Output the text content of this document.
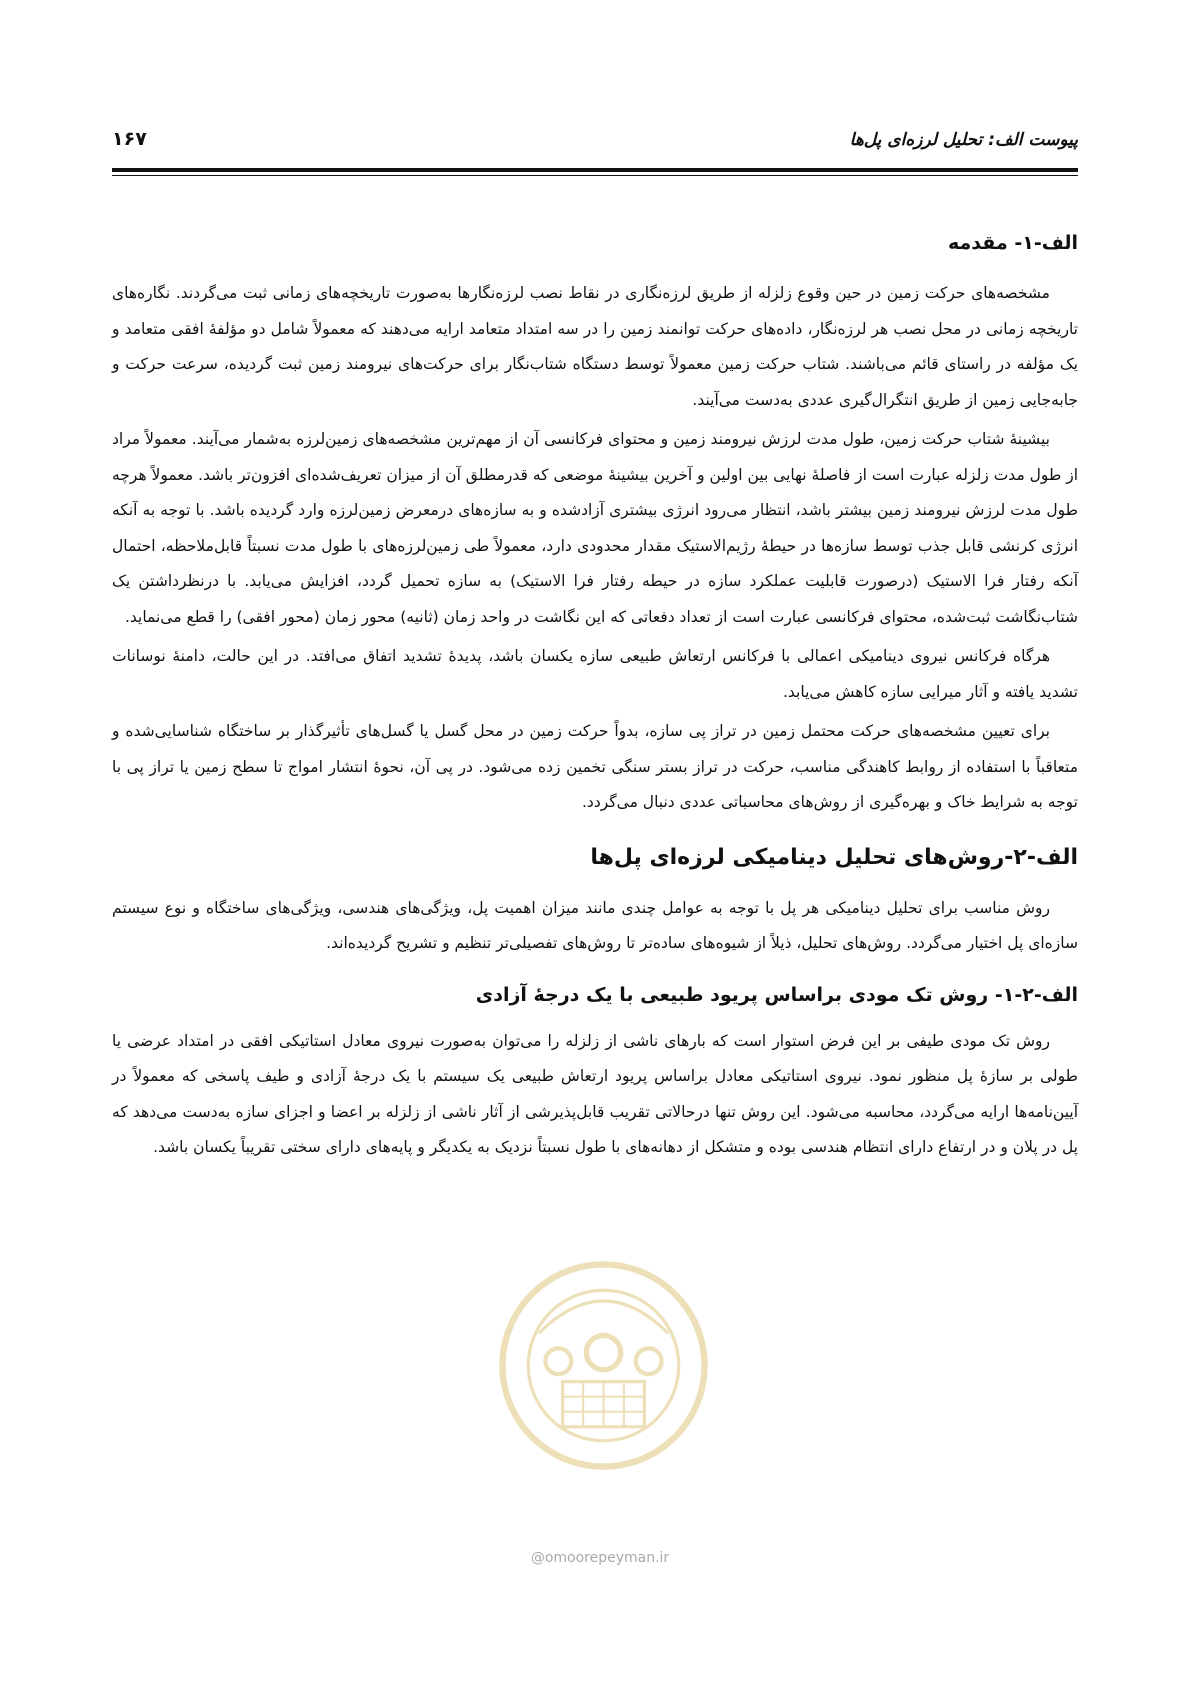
پیوست الف: تحلیل لرزه‌ای پل‌ها
۱۶۷
الف-۱- مقدمه

مشخصه‌های حرکت زمین در حین وقوع زلزله از طریق لرزه‌نگاری در نقاط نصب لرزه‌نگارها به‌صورت تاریخچه‌های زمانی ثبت می‌گردند. نگاره‌های تاریخچه زمانی در محل نصب هر لرزه‌نگار، داده‌های حرکت توانمند زمین را در سه امتداد متعامد ارایه می‌دهند که معمولاً شامل دو مؤلفهٔ افقی متعامد و یک مؤلفه در راستای قائم می‌باشند. شتاب حرکت زمین معمولاً توسط دستگاه شتاب‌نگار برای حرکت‌های نیرومند زمین ثبت گردیده، سرعت حرکت و جابه‌جایی زمین از طریق انتگرال‌گیری عددی به‌دست می‌آیند.

بیشینهٔ شتاب حرکت زمین، طول مدت لرزش نیرومند زمین و محتوای فرکانسی آن از مهم‌ترین مشخصه‌های زمین‌لرزه به‌شمار می‌آیند. معمولاً مراد از طول مدت زلزله عبارت است از فاصلهٔ نهایی بین اولین و آخرین بیشینهٔ موضعی که قدرمطلق آن از میزان تعریف‌شده‌ای افزون‌تر باشد. معمولاً هرچه طول مدت لرزش نیرومند زمین بیشتر باشد، انتظار می‌رود انرژی بیشتری آزادشده و به سازه‌های درمعرض زمین‌لرزه وارد گردیده باشد. با توجه به آنکه انرژی کرنشی قابل جذب توسط سازه‌ها در حیطهٔ رژیم‌الاستیک مقدار محدودی دارد، معمولاً طی زمین‌لرزه‌های با طول مدت نسبتاً قابل‌ملاحظه، احتمال آنکه رفتار فرا الاستیک (درصورت قابلیت عملکرد سازه در حیطه رفتار فرا الاستیک) به سازه تحمیل گردد، افزایش می‌یابد. با درنظرداشتن یک شتاب‌نگاشت ثبت‌شده، محتوای فرکانسی عبارت است از تعداد دفعاتی که این نگاشت در واحد زمان (ثانیه) محور زمان (محور افقی) را قطع می‌نماید.

هرگاه فرکانس نیروی دینامیکی اعمالی با فرکانس ارتعاش طبیعی سازه یکسان باشد، پدیدهٔ تشدید اتفاق می‌افتد. در این حالت، دامنهٔ نوسانات تشدید یافته و آثار میرایی سازه کاهش می‌یابد.

برای تعیین مشخصه‌های حرکت محتمل زمین در تراز پی سازه، بدواً حرکت زمین در محل گسل یا گسل‌های تأثیرگذار بر ساختگاه شناسایی‌شده و متعاقباً با استفاده از روابط کاهندگی مناسب، حرکت در تراز بستر سنگی تخمین زده می‌شود. در پی آن، نحوهٔ انتشار امواج تا سطح زمین یا تراز پی با توجه به شرایط خاک و بهره‌گیری از روش‌های محاسباتی عددی دنبال می‌گردد.

الف-۲-روش‌های تحلیل دینامیکی لرزه‌ای پل‌ها

روش مناسب برای تحلیل دینامیکی هر پل با توجه به عوامل چندی مانند میزان اهمیت پل، ویژگی‌های هندسی، ویژگی‌های ساختگاه و نوع سیستم سازه‌ای پل اختیار می‌گردد. روش‌های تحلیل، ذیلاً از شیوه‌های ساده‌تر تا روش‌های تفصیلی‌تر تنظیم و تشریح گردیده‌اند.

الف-۲-۱- روش تک مودی براساس پریود طبیعی با یک درجهٔ آزادی

روش تک مودی طیفی بر این فرض استوار است که بارهای ناشی از زلزله را می‌توان به‌صورت نیروی معادل استاتیکی افقی در امتداد عرضی یا طولی بر سازهٔ پل منظور نمود. نیروی استاتیکی معادل براساس پریود ارتعاش طبیعی یک سیستم با یک درجهٔ آزادی و طیف پاسخی که معمولاً در آیین‌نامه‌ها ارایه می‌گردد، محاسبه می‌شود. این روش تنها درحالاتی تقریب قابل‌پذیرشی از آثار ناشی از زلزله بر اعضا و اجزای سازه به‌دست می‌دهد که پل در پلان و در ارتفاع دارای انتظام هندسی بوده و متشکل از دهانه‌های با طول نسبتاً نزدیک به یکدیگر و پایه‌های دارای سختی تقریباً یکسان باشد.

@omoorepeyman.ir
